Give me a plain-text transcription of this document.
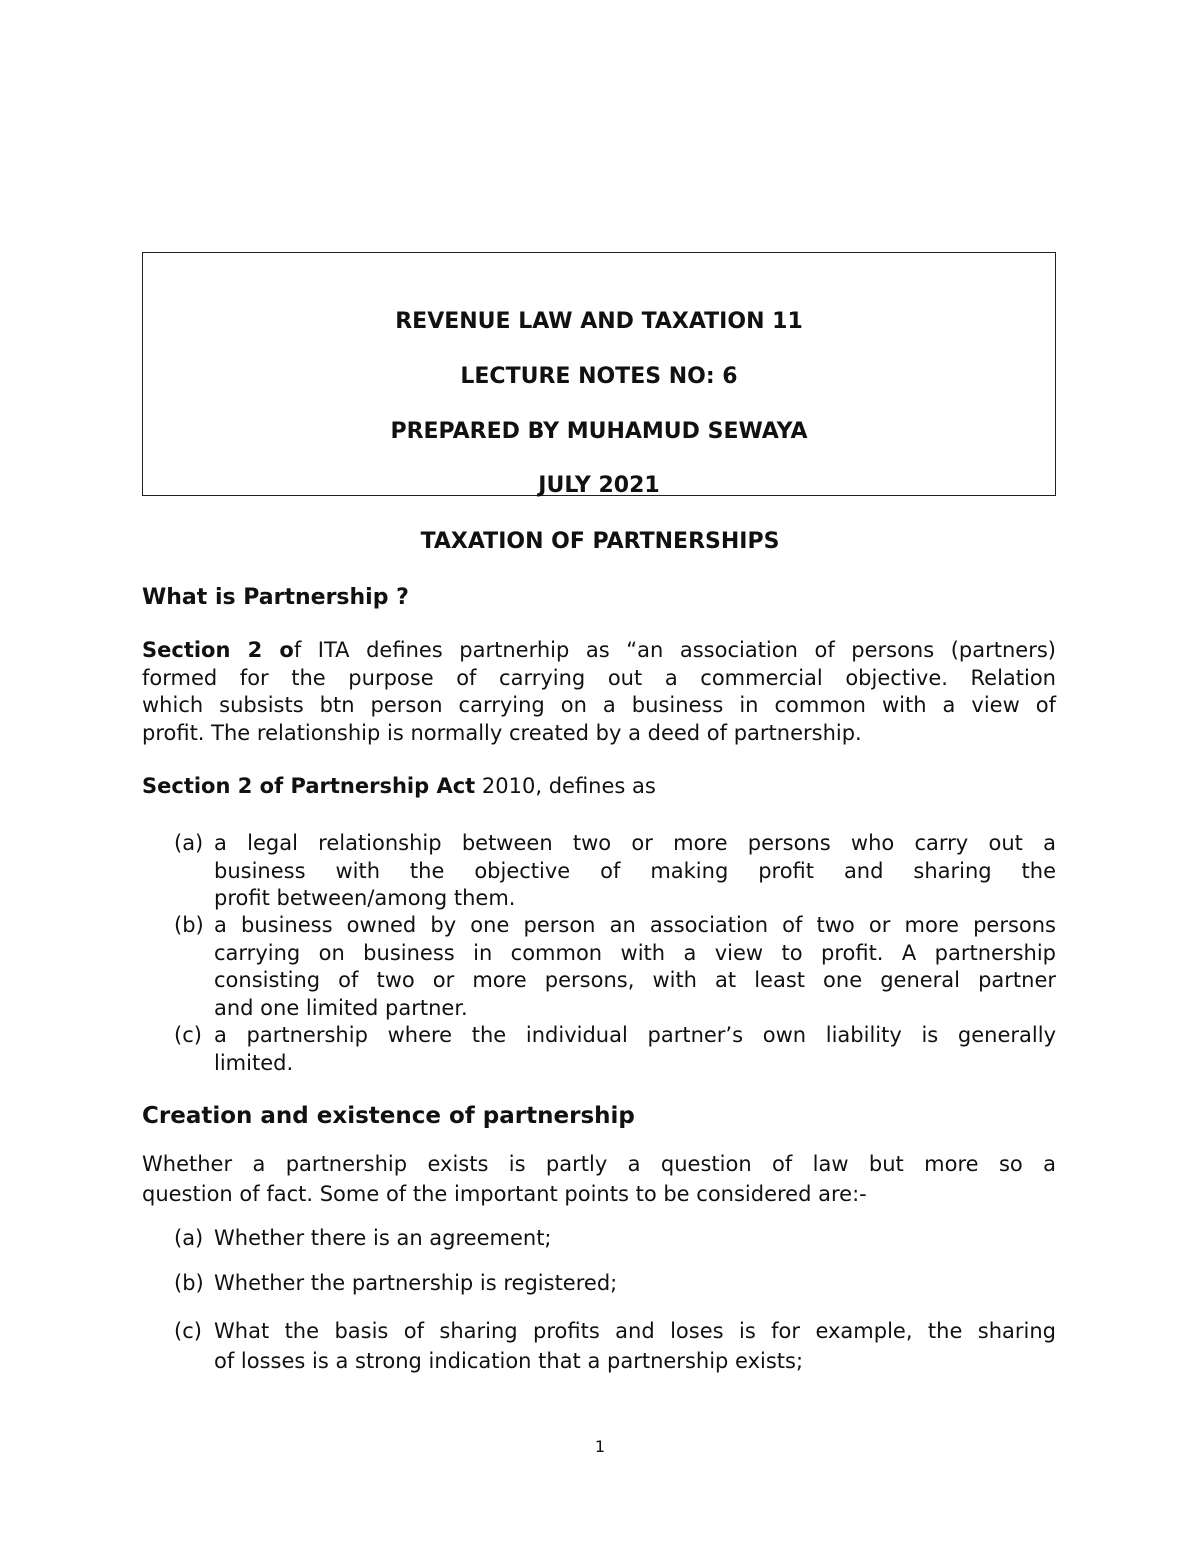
REVENUE LAW AND TAXATION 11
LECTURE NOTES NO: 6
PREPARED BY MUHAMUD SEWAYA
JULY 2021
TAXATION OF PARTNERSHIPS
What is Partnership ?
Section 2 of ITA defines partnerhip as “an association of persons (partners)
formed for the purpose of carrying out a commercial objective. Relation
which subsists btn person carrying on a business in common with a view of
profit. The relationship is normally created by a deed of partnership.
Section 2 of Partnership Act 2010, defines as
(a) a legal relationship between two or more persons who carry out a
business with the objective of making profit and sharing the
profit between/among them.
(b) a business owned by one person an association of two or more persons
carrying on business in common with a view to profit. A partnership
consisting of two or more persons, with at least one general partner
and one limited partner.
(c) a partnership where the individual partner’s own liability is generally
limited.
Creation and existence of partnership
Whether a partnership exists is partly a question of law but more so a
question of fact. Some of the important points to be considered are:-
(a) Whether there is an agreement;
(b) Whether the partnership is registered;
(c) What the basis of sharing profits and loses is for example, the sharing
of losses is a strong indication that a partnership exists;
1
